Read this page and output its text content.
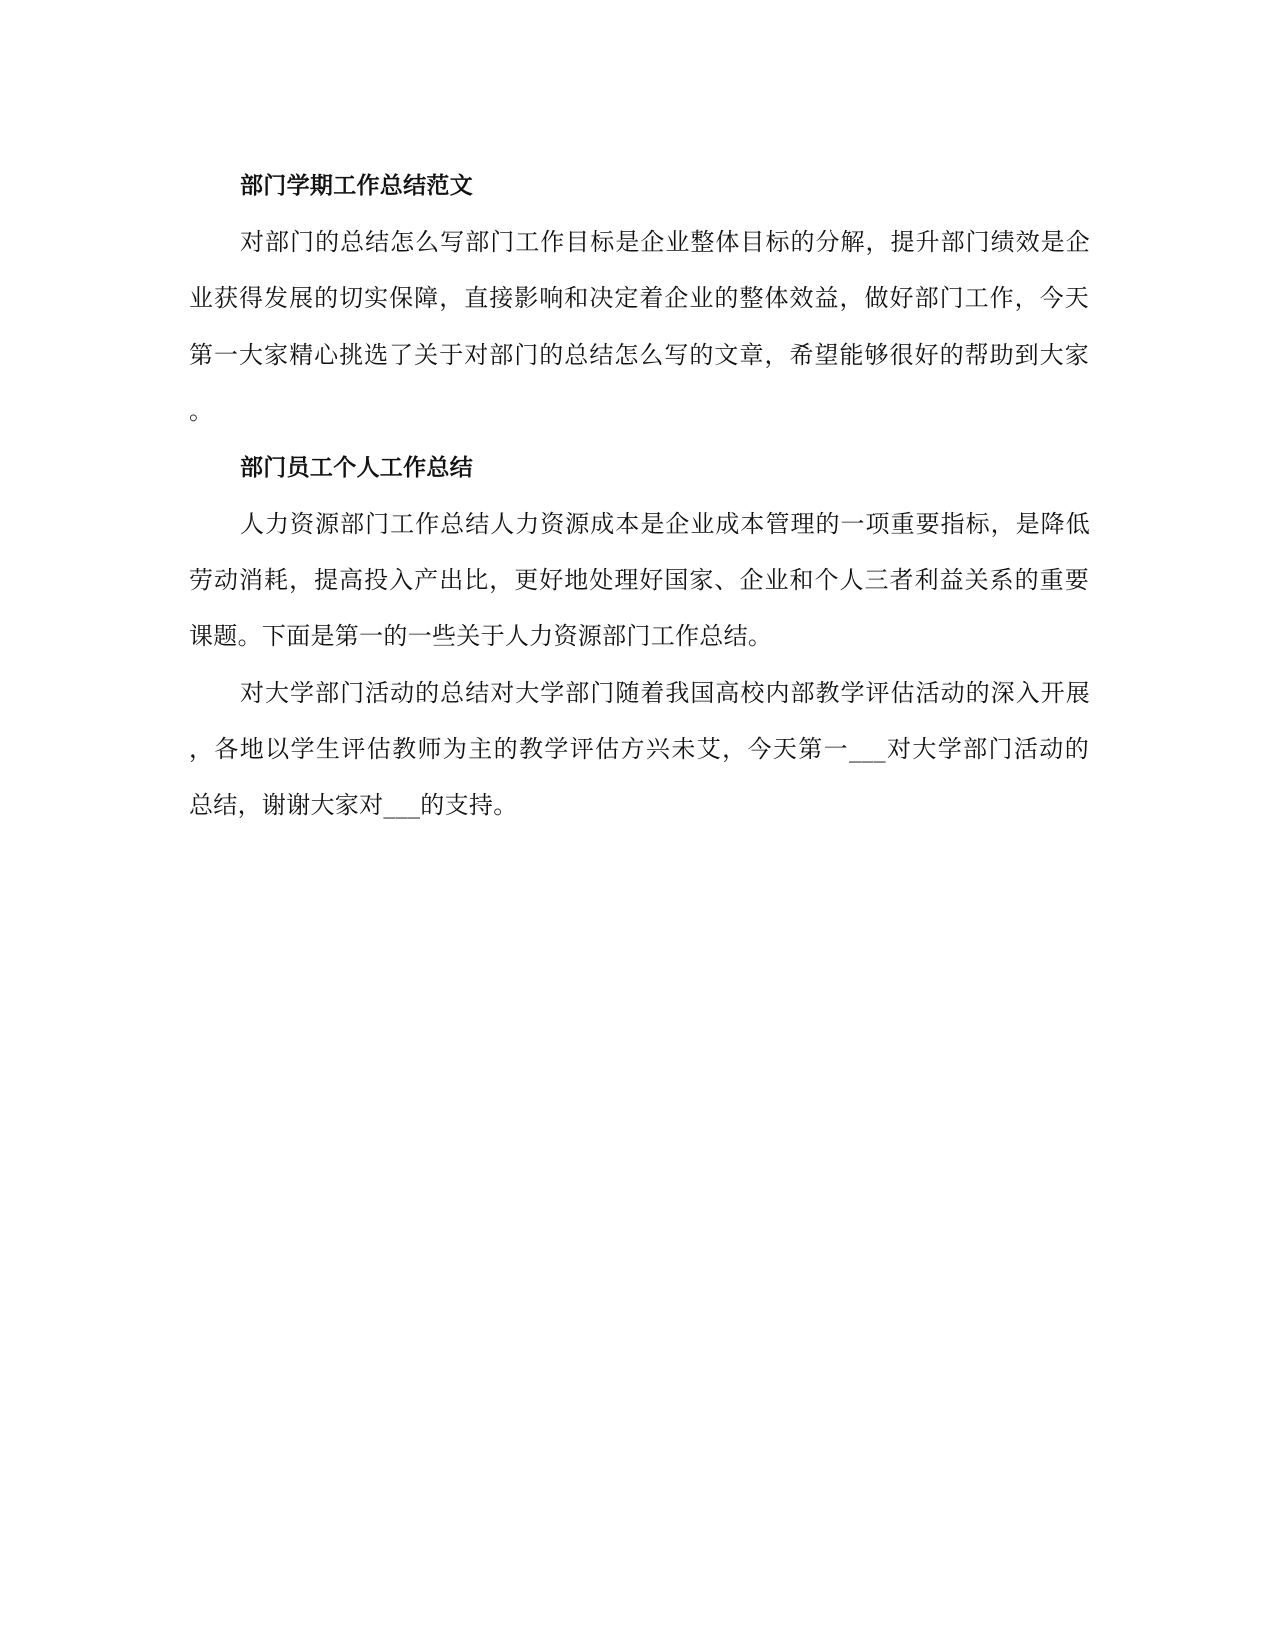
部门学期工作总结范文

对部门的总结怎么写部门工作目标是企业整体目标的分解，提升部门绩效是企

业获得发展的切实保障，直接影响和决定着企业的整体效益，做好部门工作，今天

第一大家精心挑选了关于对部门的总结怎么写的文章，希望能够很好的帮助到大家

。

部门员工个人工作总结

人力资源部门工作总结人力资源成本是企业成本管理的一项重要指标，是降低

劳动消耗，提高投入产出比，更好地处理好国家、企业和个人三者利益关系的重要

课题。下面是第一的一些关于人力资源部门工作总结。

对大学部门活动的总结对大学部门随着我国高校内部教学评估活动的深入开展

，各地以学生评估教师为主的教学评估方兴未艾，今天第一___对大学部门活动的

总结，谢谢大家对___的支持。
